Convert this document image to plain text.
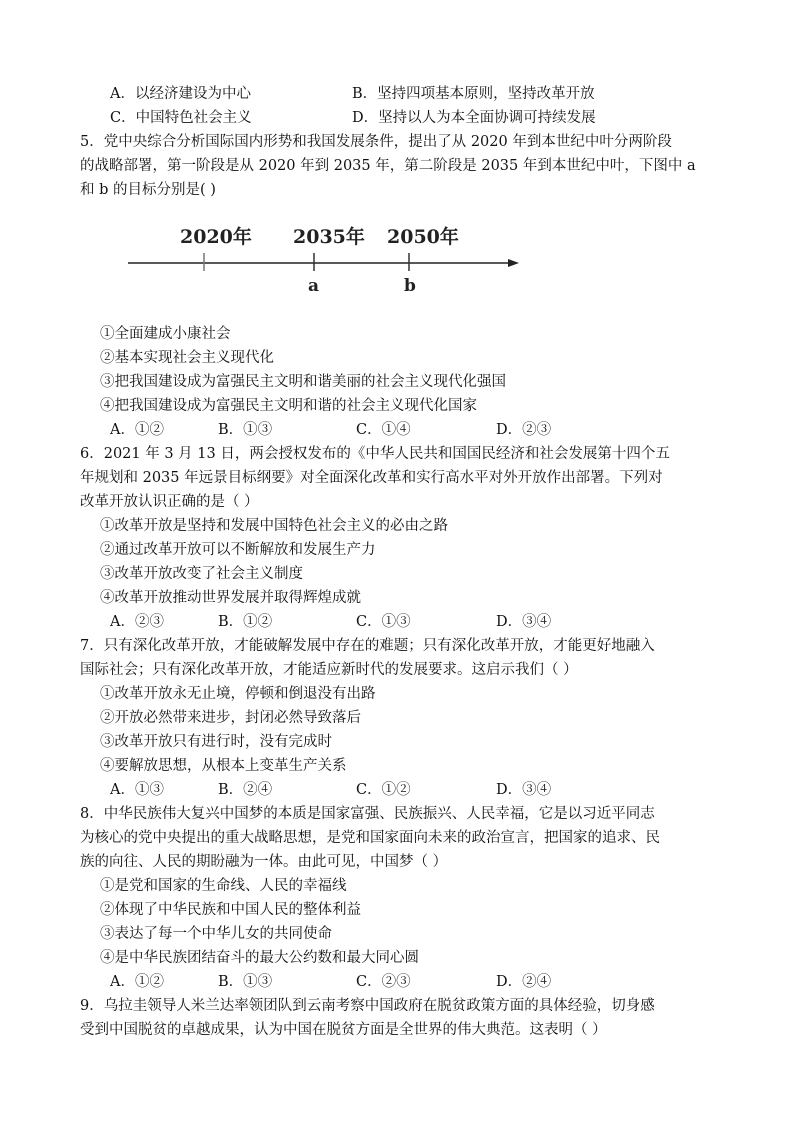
A．以经济建设为中心	B．坚持四项基本原则，坚持改革开放
C．中国特色社会主义	D．坚持以人为本全面协调可持续发展
5．党中央综合分析国际国内形势和我国发展条件，提出了从 2020 年到本世纪中叶分两阶段
的战略部署，第一阶段是从 2020 年到 2035 年，第二阶段是 2035 年到本世纪中叶，下图中 a
和 b 的目标分别是( )
2020年 2035年 2050年
a	b
①全面建成小康社会
②基本实现社会主义现代化
③把我国建设成为富强民主文明和谐美丽的社会主义现代化强国
④把我国建设成为富强民主文明和谐的社会主义现代化国家
A．①②	B．①③	C．①④	D．②③
6．2021 年 3 月 13 日，两会授权发布的《中华人民共和国国民经济和社会发展第十四个五
年规划和 2035 年远景目标纲要》对全面深化改革和实行高水平对外开放作出部署。下列对
改革开放认识正确的是（ ）
①改革开放是坚持和发展中国特色社会主义的必由之路
②通过改革开放可以不断解放和发展生产力
③改革开放改变了社会主义制度
④改革开放推动世界发展并取得辉煌成就
A．②③	B．①②	C．①③	D．③④
7．只有深化改革开放，才能破解发展中存在的难题；只有深化改革开放，才能更好地融入
国际社会；只有深化改革开放，才能适应新时代的发展要求。这启示我们（ ）
①改革开放永无止境，停顿和倒退没有出路
②开放必然带来进步，封闭必然导致落后
③改革开放只有进行时，没有完成时
④要解放思想，从根本上变革生产关系
A．①③	B．②④	C．①②	D．③④
8．中华民族伟大复兴中国梦的本质是国家富强、民族振兴、人民幸福，它是以习近平同志
为核心的党中央提出的重大战略思想，是党和国家面向未来的政治宣言，把国家的追求、民
族的向往、人民的期盼融为一体。由此可见，中国梦（ ）
①是党和国家的生命线、人民的幸福线
②体现了中华民族和中国人民的整体利益
③表达了每一个中华儿女的共同使命
④是中华民族团结奋斗的最大公约数和最大同心圆
A．①②	B．①③	C．②③	D．②④
9．乌拉圭领导人米兰达率领团队到云南考察中国政府在脱贫政策方面的具体经验，切身感
受到中国脱贫的卓越成果，认为中国在脱贫方面是全世界的伟大典范。这表明（ ）
